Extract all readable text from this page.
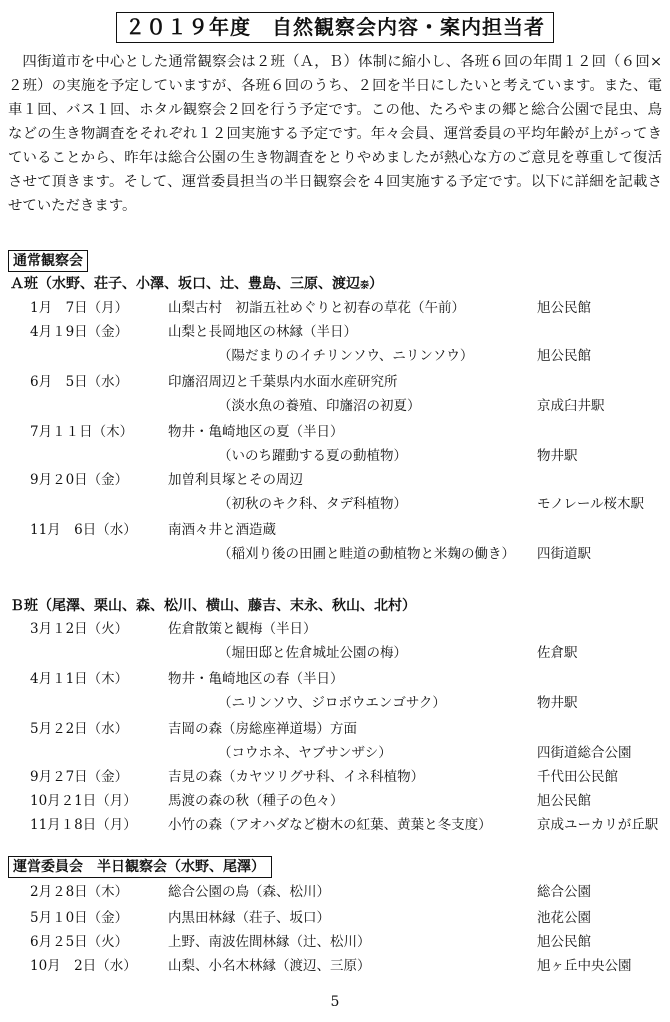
２０１９年度　自然観察会内容・案内担当者

四街道市を中心とした通常観察会は２班（Ａ，Ｂ）体制に縮小し、各班６回の年間１２回（６回×２班）の実施を予定していますが、各班６回のうち、２回を半日にしたいと考えています。また、電車１回、バス１回、ホタル観察会２回を行う予定です。この他、たろやまの郷と総合公園で昆虫、鳥などの生き物調査をそれぞれ１２回実施する予定です。年々会員、運営委員の平均年齢が上がってきていることから、昨年は総合公園の生き物調査をとりやめましたが熱心な方のご意見を尊重して復活させて頂きます。そして、運営委員担当の半日観察会を４回実施する予定です。以下に詳細を記載させていただきます。

通常観察会
Ａ班（水野、荘子、小澤、坂口、辻、豊島、三原、渡辺泰）
1月　7日（月）	山梨古村　初詣五社めぐりと初春の草花（午前）	旭公民館
4月１9日（金）	山梨と長岡地区の林縁（半日）
（陽だまりのイチリンソウ、ニリンソウ）	旭公民館
6月　5日（水）	印旛沼周辺と千葉県内水面水産研究所
（淡水魚の養殖、印旛沼の初夏）	京成臼井駅
7月１１日（木）	物井・亀崎地区の夏（半日）
（いのち躍動する夏の動植物）	物井駅
9月２0日（金）	加曽利貝塚とその周辺
（初秋のキク科、タデ科植物）	モノレール桜木駅
11月　6日（水）	南酒々井と酒造蔵
（稲刈り後の田圃と畦道の動植物と米麹の働き） 四街道駅
Ｂ班（尾澤、栗山、森、松川、横山、藤吉、末永、秋山、北村）
3月１2日（火）	佐倉散策と観梅（半日）
（堀田邸と佐倉城址公園の梅）	佐倉駅
4月１1日（木）	物井・亀崎地区の春（半日）
（ニリンソウ、ジロボウエンゴサク）	物井駅
5月２2日（水）	吉岡の森（房総座禅道場）方面
（コウホネ、ヤブサンザシ）	四街道総合公園
9月２7日（金）	吉見の森（カヤツリグサ科、イネ科植物）	千代田公民館
10月２1日（月）	馬渡の森の秋（種子の色々）	旭公民館
11月１8日（月）	小竹の森（アオハダなど樹木の紅葉、黄葉と冬支度）	京成ユーカリが丘駅
運営委員会　半日観察会（水野、尾澤）
2月２8日（木）	総合公園の鳥（森、松川）	総合公園
5月１0日（金）	内黒田林縁（荘子、坂口）	池花公園
6月２5日（火）	上野、南波佐間林縁（辻、松川）	旭公民館
10月　2日（水）	山梨、小名木林縁（渡辺、三原）	旭ヶ丘中央公園
5
